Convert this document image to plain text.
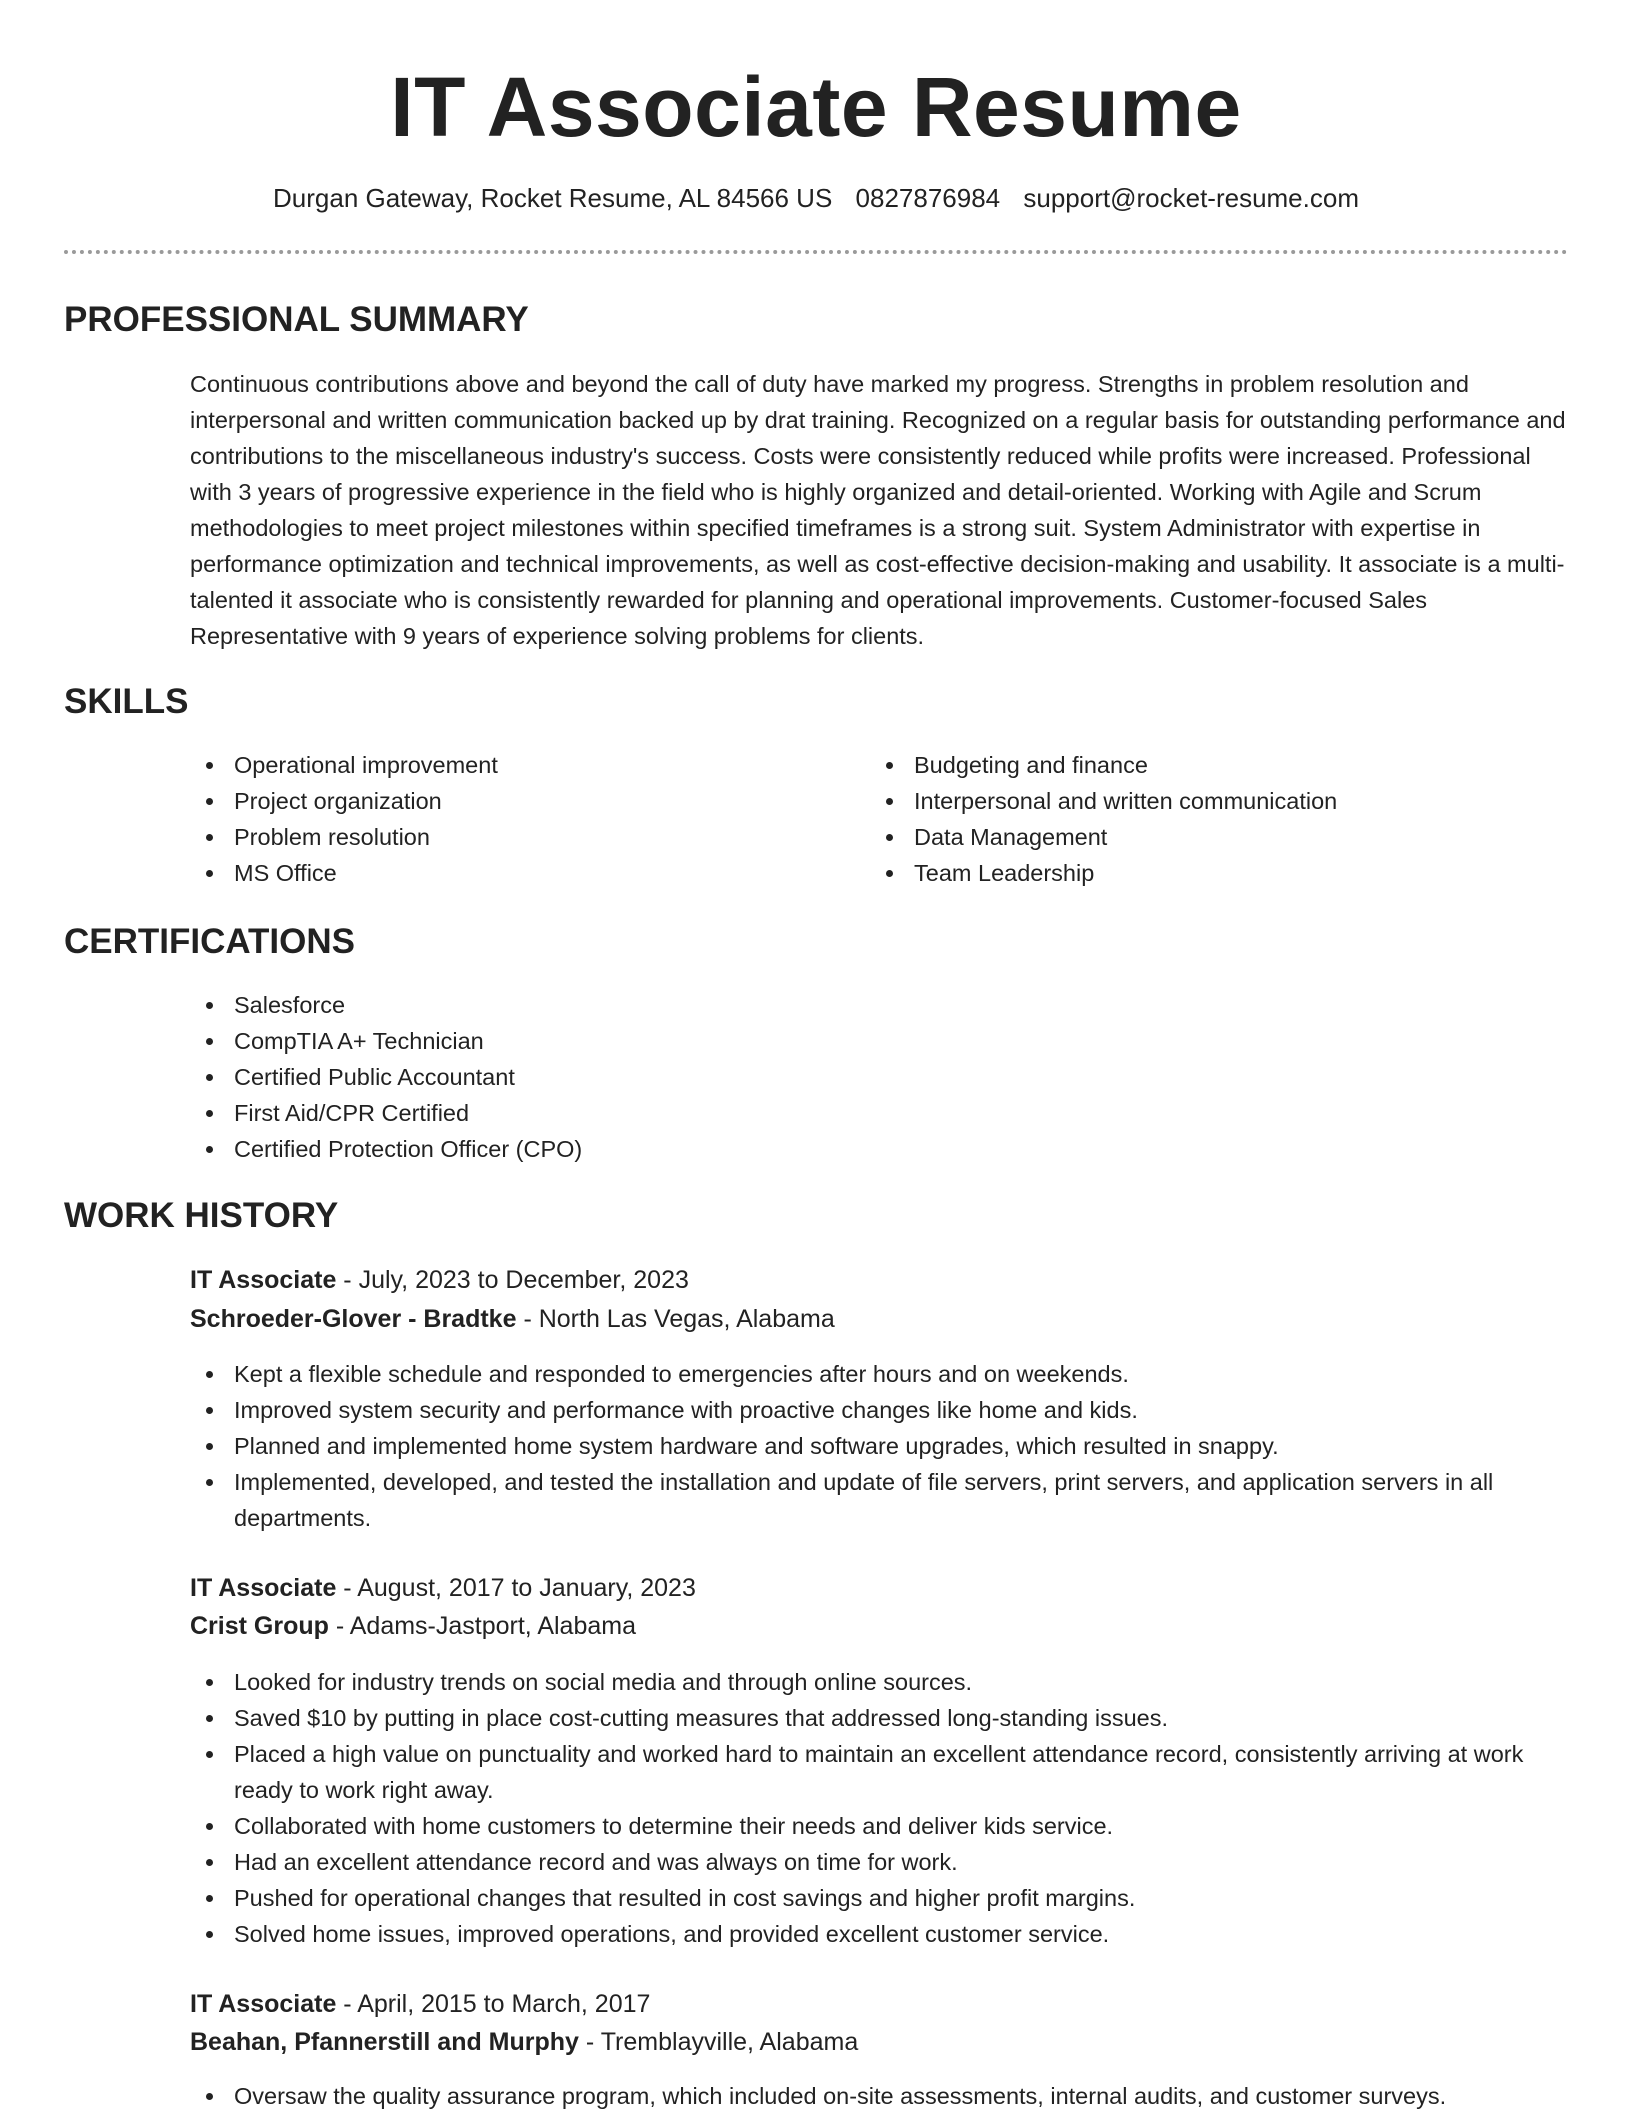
IT Associate Resume
Durgan Gateway, Rocket Resume, AL 84566 US 0827876984 support@rocket-resume.com
PROFESSIONAL SUMMARY

Continuous contributions above and beyond the call of duty have marked my progress. Strengths in problem resolution and interpersonal and written communication backed up by drat training. Recognized on a regular basis for outstanding performance and contributions to the miscellaneous industry's success. Costs were consistently reduced while profits were increased. Professional with 3 years of progressive experience in the field who is highly organized and detail-oriented. Working with Agile and Scrum methodologies to meet project milestones within specified timeframes is a strong suit. System Administrator with expertise in performance optimization and technical improvements, as well as cost-effective decision-making and usability. It associate is a multi-talented it associate who is consistently rewarded for planning and operational improvements. Customer-focused Sales Representative with 9 years of experience solving problems for clients.

SKILLS
Operational improvement
Project organization
Problem resolution
MS Office
Budgeting and finance
Interpersonal and written communication
Data Management
Team Leadership
CERTIFICATIONS
Salesforce
CompTIA A+ Technician
Certified Public Accountant
First Aid/CPR Certified
Certified Protection Officer (CPO)
WORK HISTORY
IT Associate - July, 2023 to December, 2023
Schroeder-Glover - Bradtke - North Las Vegas, Alabama
Kept a flexible schedule and responded to emergencies after hours and on weekends.
Improved system security and performance with proactive changes like home and kids.
Planned and implemented home system hardware and software upgrades, which resulted in snappy.
Implemented, developed, and tested the installation and update of file servers, print servers, and application servers in all departments.
IT Associate - August, 2017 to January, 2023
Crist Group - Adams-Jastport, Alabama
Looked for industry trends on social media and through online sources.
Saved $10 by putting in place cost-cutting measures that addressed long-standing issues.
Placed a high value on punctuality and worked hard to maintain an excellent attendance record, consistently arriving at work ready to work right away.
Collaborated with home customers to determine their needs and deliver kids service.
Had an excellent attendance record and was always on time for work.
Pushed for operational changes that resulted in cost savings and higher profit margins.
Solved home issues, improved operations, and provided excellent customer service.
IT Associate - April, 2015 to March, 2017
Beahan, Pfannerstill and Murphy - Tremblayville, Alabama
Oversaw the quality assurance program, which included on-site assessments, internal audits, and customer surveys.
